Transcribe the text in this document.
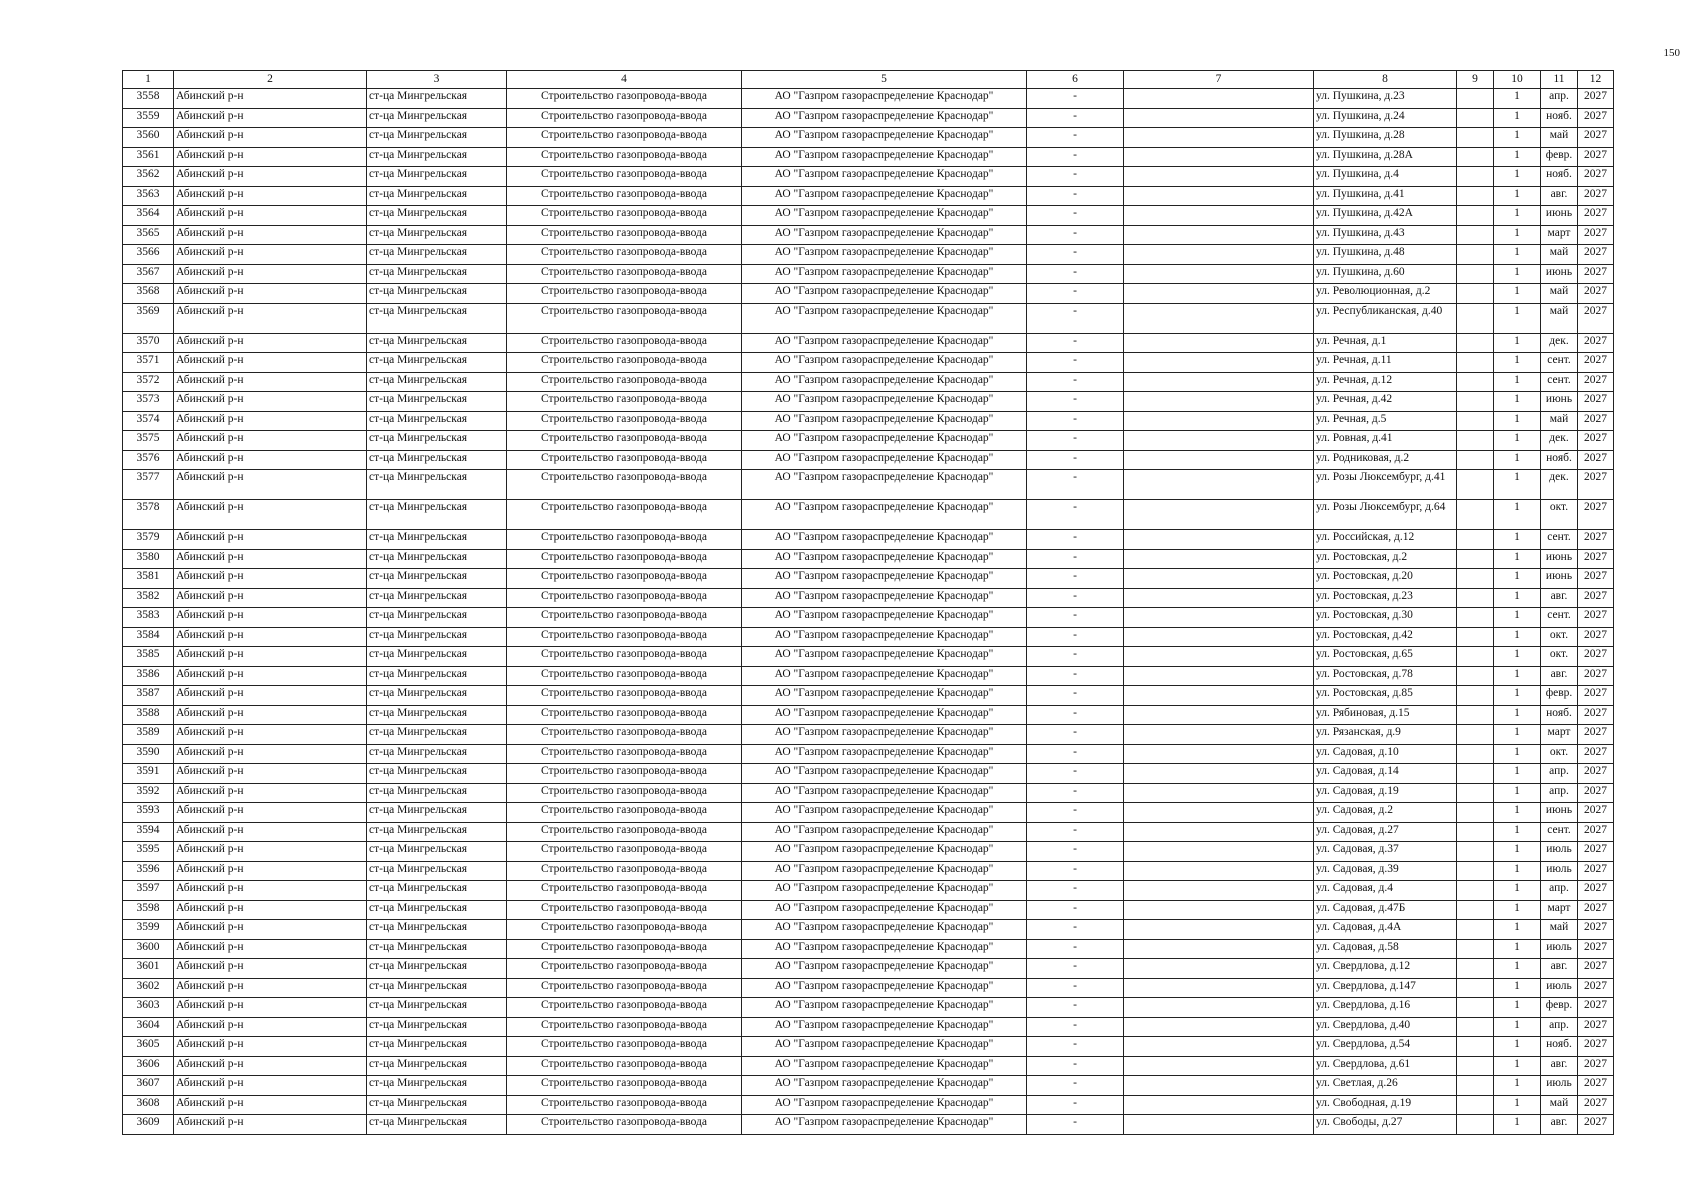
150
1	2	3	4	5	6	7	8	9	10	11	12
3558	Абинский р-н	ст-ца Мингрельская	Строительство газопровода-ввода	АО "Газпром газораспределение Краснодар"	-		ул. Пушкина, д.23		1	апр.	2027
3559	Абинский р-н	ст-ца Мингрельская	Строительство газопровода-ввода	АО "Газпром газораспределение Краснодар"	-		ул. Пушкина, д.24		1	нояб.	2027
3560	Абинский р-н	ст-ца Мингрельская	Строительство газопровода-ввода	АО "Газпром газораспределение Краснодар"	-		ул. Пушкина, д.28		1	май	2027
3561	Абинский р-н	ст-ца Мингрельская	Строительство газопровода-ввода	АО "Газпром газораспределение Краснодар"	-		ул. Пушкина, д.28А		1	февр.	2027
3562	Абинский р-н	ст-ца Мингрельская	Строительство газопровода-ввода	АО "Газпром газораспределение Краснодар"	-		ул. Пушкина, д.4		1	нояб.	2027
3563	Абинский р-н	ст-ца Мингрельская	Строительство газопровода-ввода	АО "Газпром газораспределение Краснодар"	-		ул. Пушкина, д.41		1	авг.	2027
3564	Абинский р-н	ст-ца Мингрельская	Строительство газопровода-ввода	АО "Газпром газораспределение Краснодар"	-		ул. Пушкина, д.42А		1	июнь	2027
3565	Абинский р-н	ст-ца Мингрельская	Строительство газопровода-ввода	АО "Газпром газораспределение Краснодар"	-		ул. Пушкина, д.43		1	март	2027
3566	Абинский р-н	ст-ца Мингрельская	Строительство газопровода-ввода	АО "Газпром газораспределение Краснодар"	-		ул. Пушкина, д.48		1	май	2027
3567	Абинский р-н	ст-ца Мингрельская	Строительство газопровода-ввода	АО "Газпром газораспределение Краснодар"	-		ул. Пушкина, д.60		1	июнь	2027
3568	Абинский р-н	ст-ца Мингрельская	Строительство газопровода-ввода	АО "Газпром газораспределение Краснодар"	-		ул. Революционная, д.2		1	май	2027
3569	Абинский р-н	ст-ца Мингрельская	Строительство газопровода-ввода	АО "Газпром газораспределение Краснодар"	-		ул. Республиканская, д.40		1	май	2027
3570	Абинский р-н	ст-ца Мингрельская	Строительство газопровода-ввода	АО "Газпром газораспределение Краснодар"	-		ул. Речная, д.1		1	дек.	2027
3571	Абинский р-н	ст-ца Мингрельская	Строительство газопровода-ввода	АО "Газпром газораспределение Краснодар"	-		ул. Речная, д.11		1	сент.	2027
3572	Абинский р-н	ст-ца Мингрельская	Строительство газопровода-ввода	АО "Газпром газораспределение Краснодар"	-		ул. Речная, д.12		1	сент.	2027
3573	Абинский р-н	ст-ца Мингрельская	Строительство газопровода-ввода	АО "Газпром газораспределение Краснодар"	-		ул. Речная, д.42		1	июнь	2027
3574	Абинский р-н	ст-ца Мингрельская	Строительство газопровода-ввода	АО "Газпром газораспределение Краснодар"	-		ул. Речная, д.5		1	май	2027
3575	Абинский р-н	ст-ца Мингрельская	Строительство газопровода-ввода	АО "Газпром газораспределение Краснодар"	-		ул. Ровная, д.41		1	дек.	2027
3576	Абинский р-н	ст-ца Мингрельская	Строительство газопровода-ввода	АО "Газпром газораспределение Краснодар"	-		ул. Родниковая, д.2		1	нояб.	2027
3577	Абинский р-н	ст-ца Мингрельская	Строительство газопровода-ввода	АО "Газпром газораспределение Краснодар"	-		ул. Розы Люксембург, д.41		1	дек.	2027
3578	Абинский р-н	ст-ца Мингрельская	Строительство газопровода-ввода	АО "Газпром газораспределение Краснодар"	-		ул. Розы Люксембург, д.64		1	окт.	2027
3579	Абинский р-н	ст-ца Мингрельская	Строительство газопровода-ввода	АО "Газпром газораспределение Краснодар"	-		ул. Российская, д.12		1	сент.	2027
3580	Абинский р-н	ст-ца Мингрельская	Строительство газопровода-ввода	АО "Газпром газораспределение Краснодар"	-		ул. Ростовская, д.2		1	июнь	2027
3581	Абинский р-н	ст-ца Мингрельская	Строительство газопровода-ввода	АО "Газпром газораспределение Краснодар"	-		ул. Ростовская, д.20		1	июнь	2027
3582	Абинский р-н	ст-ца Мингрельская	Строительство газопровода-ввода	АО "Газпром газораспределение Краснодар"	-		ул. Ростовская, д.23		1	авг.	2027
3583	Абинский р-н	ст-ца Мингрельская	Строительство газопровода-ввода	АО "Газпром газораспределение Краснодар"	-		ул. Ростовская, д.30		1	сент.	2027
3584	Абинский р-н	ст-ца Мингрельская	Строительство газопровода-ввода	АО "Газпром газораспределение Краснодар"	-		ул. Ростовская, д.42		1	окт.	2027
3585	Абинский р-н	ст-ца Мингрельская	Строительство газопровода-ввода	АО "Газпром газораспределение Краснодар"	-		ул. Ростовская, д.65		1	окт.	2027
3586	Абинский р-н	ст-ца Мингрельская	Строительство газопровода-ввода	АО "Газпром газораспределение Краснодар"	-		ул. Ростовская, д.78		1	авг.	2027
3587	Абинский р-н	ст-ца Мингрельская	Строительство газопровода-ввода	АО "Газпром газораспределение Краснодар"	-		ул. Ростовская, д.85		1	февр.	2027
3588	Абинский р-н	ст-ца Мингрельская	Строительство газопровода-ввода	АО "Газпром газораспределение Краснодар"	-		ул. Рябиновая, д.15		1	нояб.	2027
3589	Абинский р-н	ст-ца Мингрельская	Строительство газопровода-ввода	АО "Газпром газораспределение Краснодар"	-		ул. Рязанская, д.9		1	март	2027
3590	Абинский р-н	ст-ца Мингрельская	Строительство газопровода-ввода	АО "Газпром газораспределение Краснодар"	-		ул. Садовая, д.10		1	окт.	2027
3591	Абинский р-н	ст-ца Мингрельская	Строительство газопровода-ввода	АО "Газпром газораспределение Краснодар"	-		ул. Садовая, д.14		1	апр.	2027
3592	Абинский р-н	ст-ца Мингрельская	Строительство газопровода-ввода	АО "Газпром газораспределение Краснодар"	-		ул. Садовая, д.19		1	апр.	2027
3593	Абинский р-н	ст-ца Мингрельская	Строительство газопровода-ввода	АО "Газпром газораспределение Краснодар"	-		ул. Садовая, д.2		1	июнь	2027
3594	Абинский р-н	ст-ца Мингрельская	Строительство газопровода-ввода	АО "Газпром газораспределение Краснодар"	-		ул. Садовая, д.27		1	сент.	2027
3595	Абинский р-н	ст-ца Мингрельская	Строительство газопровода-ввода	АО "Газпром газораспределение Краснодар"	-		ул. Садовая, д.37		1	июль	2027
3596	Абинский р-н	ст-ца Мингрельская	Строительство газопровода-ввода	АО "Газпром газораспределение Краснодар"	-		ул. Садовая, д.39		1	июль	2027
3597	Абинский р-н	ст-ца Мингрельская	Строительство газопровода-ввода	АО "Газпром газораспределение Краснодар"	-		ул. Садовая, д.4		1	апр.	2027
3598	Абинский р-н	ст-ца Мингрельская	Строительство газопровода-ввода	АО "Газпром газораспределение Краснодар"	-		ул. Садовая, д.47Б		1	март	2027
3599	Абинский р-н	ст-ца Мингрельская	Строительство газопровода-ввода	АО "Газпром газораспределение Краснодар"	-		ул. Садовая, д.4А		1	май	2027
3600	Абинский р-н	ст-ца Мингрельская	Строительство газопровода-ввода	АО "Газпром газораспределение Краснодар"	-		ул. Садовая, д.58		1	июль	2027
3601	Абинский р-н	ст-ца Мингрельская	Строительство газопровода-ввода	АО "Газпром газораспределение Краснодар"	-		ул. Свердлова, д.12		1	авг.	2027
3602	Абинский р-н	ст-ца Мингрельская	Строительство газопровода-ввода	АО "Газпром газораспределение Краснодар"	-		ул. Свердлова, д.147		1	июль	2027
3603	Абинский р-н	ст-ца Мингрельская	Строительство газопровода-ввода	АО "Газпром газораспределение Краснодар"	-		ул. Свердлова, д.16		1	февр.	2027
3604	Абинский р-н	ст-ца Мингрельская	Строительство газопровода-ввода	АО "Газпром газораспределение Краснодар"	-		ул. Свердлова, д.40		1	апр.	2027
3605	Абинский р-н	ст-ца Мингрельская	Строительство газопровода-ввода	АО "Газпром газораспределение Краснодар"	-		ул. Свердлова, д.54		1	нояб.	2027
3606	Абинский р-н	ст-ца Мингрельская	Строительство газопровода-ввода	АО "Газпром газораспределение Краснодар"	-		ул. Свердлова, д.61		1	авг.	2027
3607	Абинский р-н	ст-ца Мингрельская	Строительство газопровода-ввода	АО "Газпром газораспределение Краснодар"	-		ул. Светлая, д.26		1	июль	2027
3608	Абинский р-н	ст-ца Мингрельская	Строительство газопровода-ввода	АО "Газпром газораспределение Краснодар"	-		ул. Свободная, д.19		1	май	2027
3609	Абинский р-н	ст-ца Мингрельская	Строительство газопровода-ввода	АО "Газпром газораспределение Краснодар"	-		ул. Свободы, д.27		1	авг.	2027
